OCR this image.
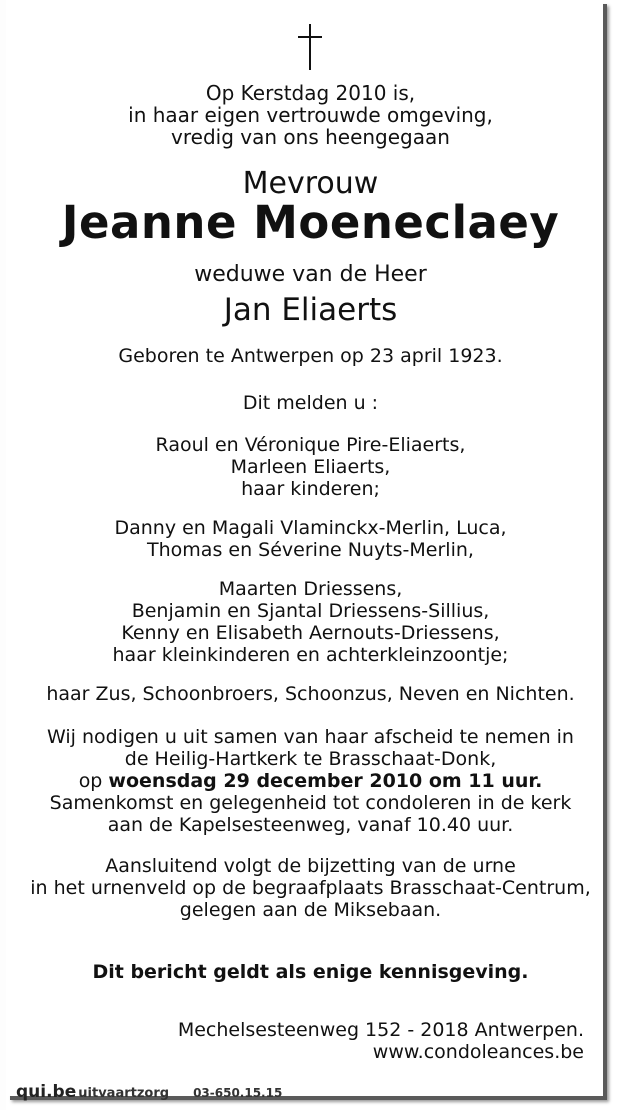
Op Kerstdag 2010 is,
in haar eigen vertrouwde omgeving,
vredig van ons heengegaan
Mevrouw
Jeanne Moeneclaey
weduwe van de Heer
Jan Eliaerts
Geboren te Antwerpen op 23 april 1923.
Dit melden u :
Raoul en Véronique Pire-Eliaerts,
Marleen Eliaerts,
haar kinderen;
Danny en Magali Vlaminckx-Merlin, Luca,
Thomas en Séverine Nuyts-Merlin,
Maarten Driessens,
Benjamin en Sjantal Driessens-Sillius,
Kenny en Elisabeth Aernouts-Driessens,
haar kleinkinderen en achterkleinzoontje;
haar Zus, Schoonbroers, Schoonzus, Neven en Nichten.
Wij nodigen u uit samen van haar afscheid te nemen in
de Heilig-Hartkerk te Brasschaat-Donk,
op woensdag 29 december 2010 om 11 uur.
Samenkomst en gelegenheid tot condoleren in de kerk
aan de Kapelsesteenweg, vanaf 10.40 uur.
Aansluitend volgt de bijzetting van de urne
in het urnenveld op de begraafplaats Brasschaat-Centrum,
gelegen aan de Miksebaan.
Dit bericht geldt als enige kennisgeving.
Mechelsesteenweg 152 - 2018 Antwerpen.
www.condoleances.be
qui.be uitvaartzorg 03-650.15.15
